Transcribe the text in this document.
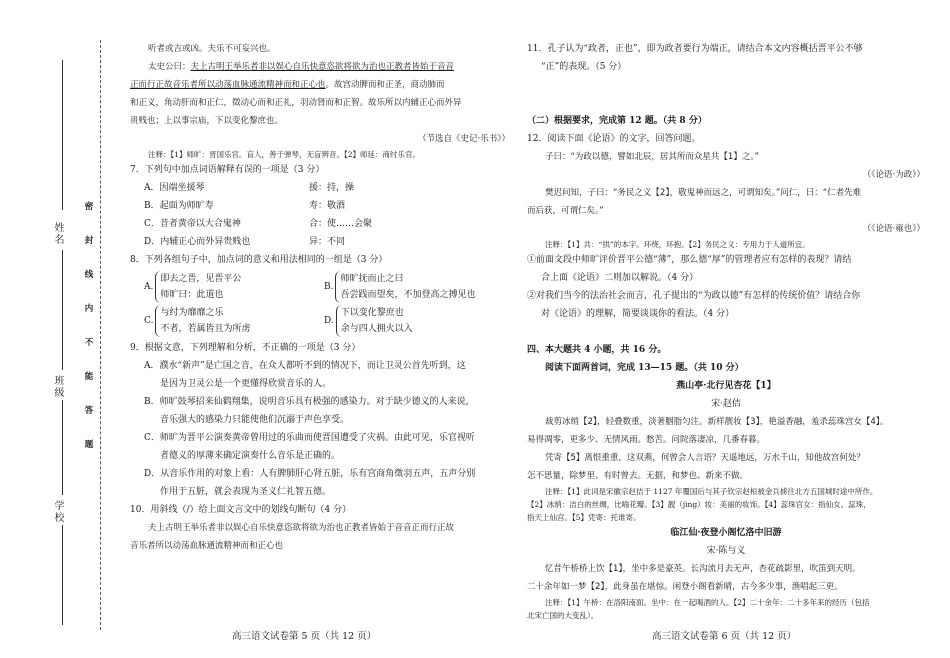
姓名
班级
学校
密
封
线
内
不
能
答
题

听者或吉或凶。夫乐不可妄兴也。

太史公曰：夫上古明王举乐者非以娱心自乐快意恣欲将欲为治也正教者皆始于音音

正而行正故音乐者所以动荡血脉通流精神而和正心也。故宫动脾而和正圣，商动肺而

和正义，角动肝而和正仁，徵动心而和正礼，羽动肾而和正智。故乐所以内辅正心而外异

贵贱也；上以事宗庙，下以变化黎庶也。

（节选自《史记·乐书》）

注释：【1】师旷：晋国乐官。盲人，善于弹琴，无盲辨音。【2】师延：商纣乐官。

7．下列句中加点词语解释有误的一项是（3 分）

A．因端坐援琴	援：持，操
B．起面为师旷寿	寿：敬酒
C．昔者黄帝以大合鬼神	合：使……会聚
D．内辅正心而外异贵贱也	异：不同

8．下列各组句子中，加点词的意义和用法相同的一组是（3 分）

A.
即去之晋，见晋平公
师旷曰：此道也
B.
师旷抚而止之曰
吾尝践而望矣，不加登高之搏见也
C.
与纣为靡靡之乐
不者，若属皆且为所虏
D.
下以变化黎庶也
余与四人拥火以入

9．根据文意，下列理解和分析，不正确的一项是（3 分）

A．濮水“新声”是亡国之音，在众人都听不到的情况下，而让卫灵公首先听到，这

是因为卫灵公是一个更懂得欣赏音乐的人。

B．师旷鼓琴招来仙鹤翔集，说明音乐具有极强的感染力。对于缺少德义的人来说，

音乐强大的感染力只能使他们沉溺于声色享受。

C．师旷为晋平公演奏黄帝曾用过的乐曲而使晋国遭受了灾祸。由此可见，乐官视听

者德义的厚薄来确定演奏什么音乐是正确的。

D．从音乐作用的对象上看：人有脾肺肝心肾五脏，乐有宫商角徵羽五声，五声分别

作用于五脏，就会表现为圣义仁礼智五德。

10．用斜线（/）给上面文言文中的划线句断句（4 分）

夫上古明王举乐者非以娱心自乐快意恣欲将欲为治也正教者皆始于音音正而行正故

音乐者所以动荡血脉通流精神而和正心也

高三语文试卷第 5 页（共 12 页）

11．孔子认为“政者，正也”，即为政者要行为端正，请结合本文内容概括晋平公不够

“正”的表现。（5 分）

（二）根据要求，完成第 12 题。（共 8 分）

12．阅读下面《论语》的文字，回答问题。

子曰：“为政以德，譬如北辰，居其所而众星共【1】之。”

（《论语·为政》）

樊迟问知，子曰：“务民之义【2】，敬鬼神而远之，可谓知矣。”问仁，曰：“仁者先难

而后获，可谓仁矣。”

（《论语·雍也》）

注释：【1】共：“拱”的本字。环绕，环抱。【2】务民之义：专用力于人道所宜。

①前面文段中师旷评价晋平公德“薄”，那么德“厚”的管理者应有怎样的表现？请结

合上面《论语》二则加以解说。（4 分）

②对我们当今的法治社会而言，孔子提出的“为政以德”有怎样的传统价值？请结合你

对《论语》的理解，简要谈谈你的看法。（4 分）

四、本大题共 4 小题，共 16 分。

阅读下面两首词，完成 13—15 题。（共 10 分）

燕山亭·北行见杏花【1】

宋·赵佶

裁剪冰绡【2】，轻叠数重，淡著胭脂匀注。新样靓妆【3】，艳溢香融，羞杀蕊珠宫女【4】。

易得凋零，更多少、无情风雨。愁苦。问院落凄凉，几番春暮。

凭寄【5】离恨重重，这双燕，何曾会人言语？天遥地远，万水千山，知他故宫何处？

怎不思量，除梦里、有时曾去。无据，和梦也、新来不做。

注释：【1】此词是宋徽宗赵佶于 1127 年覆国后与其子钦宗赵桓被金兵掳往北方五国城时途中所作。

【2】冰绡：洁白的丝绸，比喻花瓣。【3】靓（jìng）妆：美丽的妆饰。【4】蕊珠宫女：指仙女。蕊珠，

指天上仙宫。【5】凭寄：托谁寄。

临江仙·夜登小阁忆洛中旧游

宋·陈与义

忆昔午桥桥上饮【1】，坐中多是豪英。长沟流月去无声，杏花疏影里，吹笛到天明。

二十余年如一梦【2】，此身虽在堪惊。闲登小阁看新晴，古今多少事，渔唱起三更。

注释：【1】午桥：在洛阳南面。坐中：在一起喝酒的人。【2】二十余年：二十多年来的经历（包括

北宋亡国的大变乱）。

高三语文试卷第 6 页（共 12 页）
